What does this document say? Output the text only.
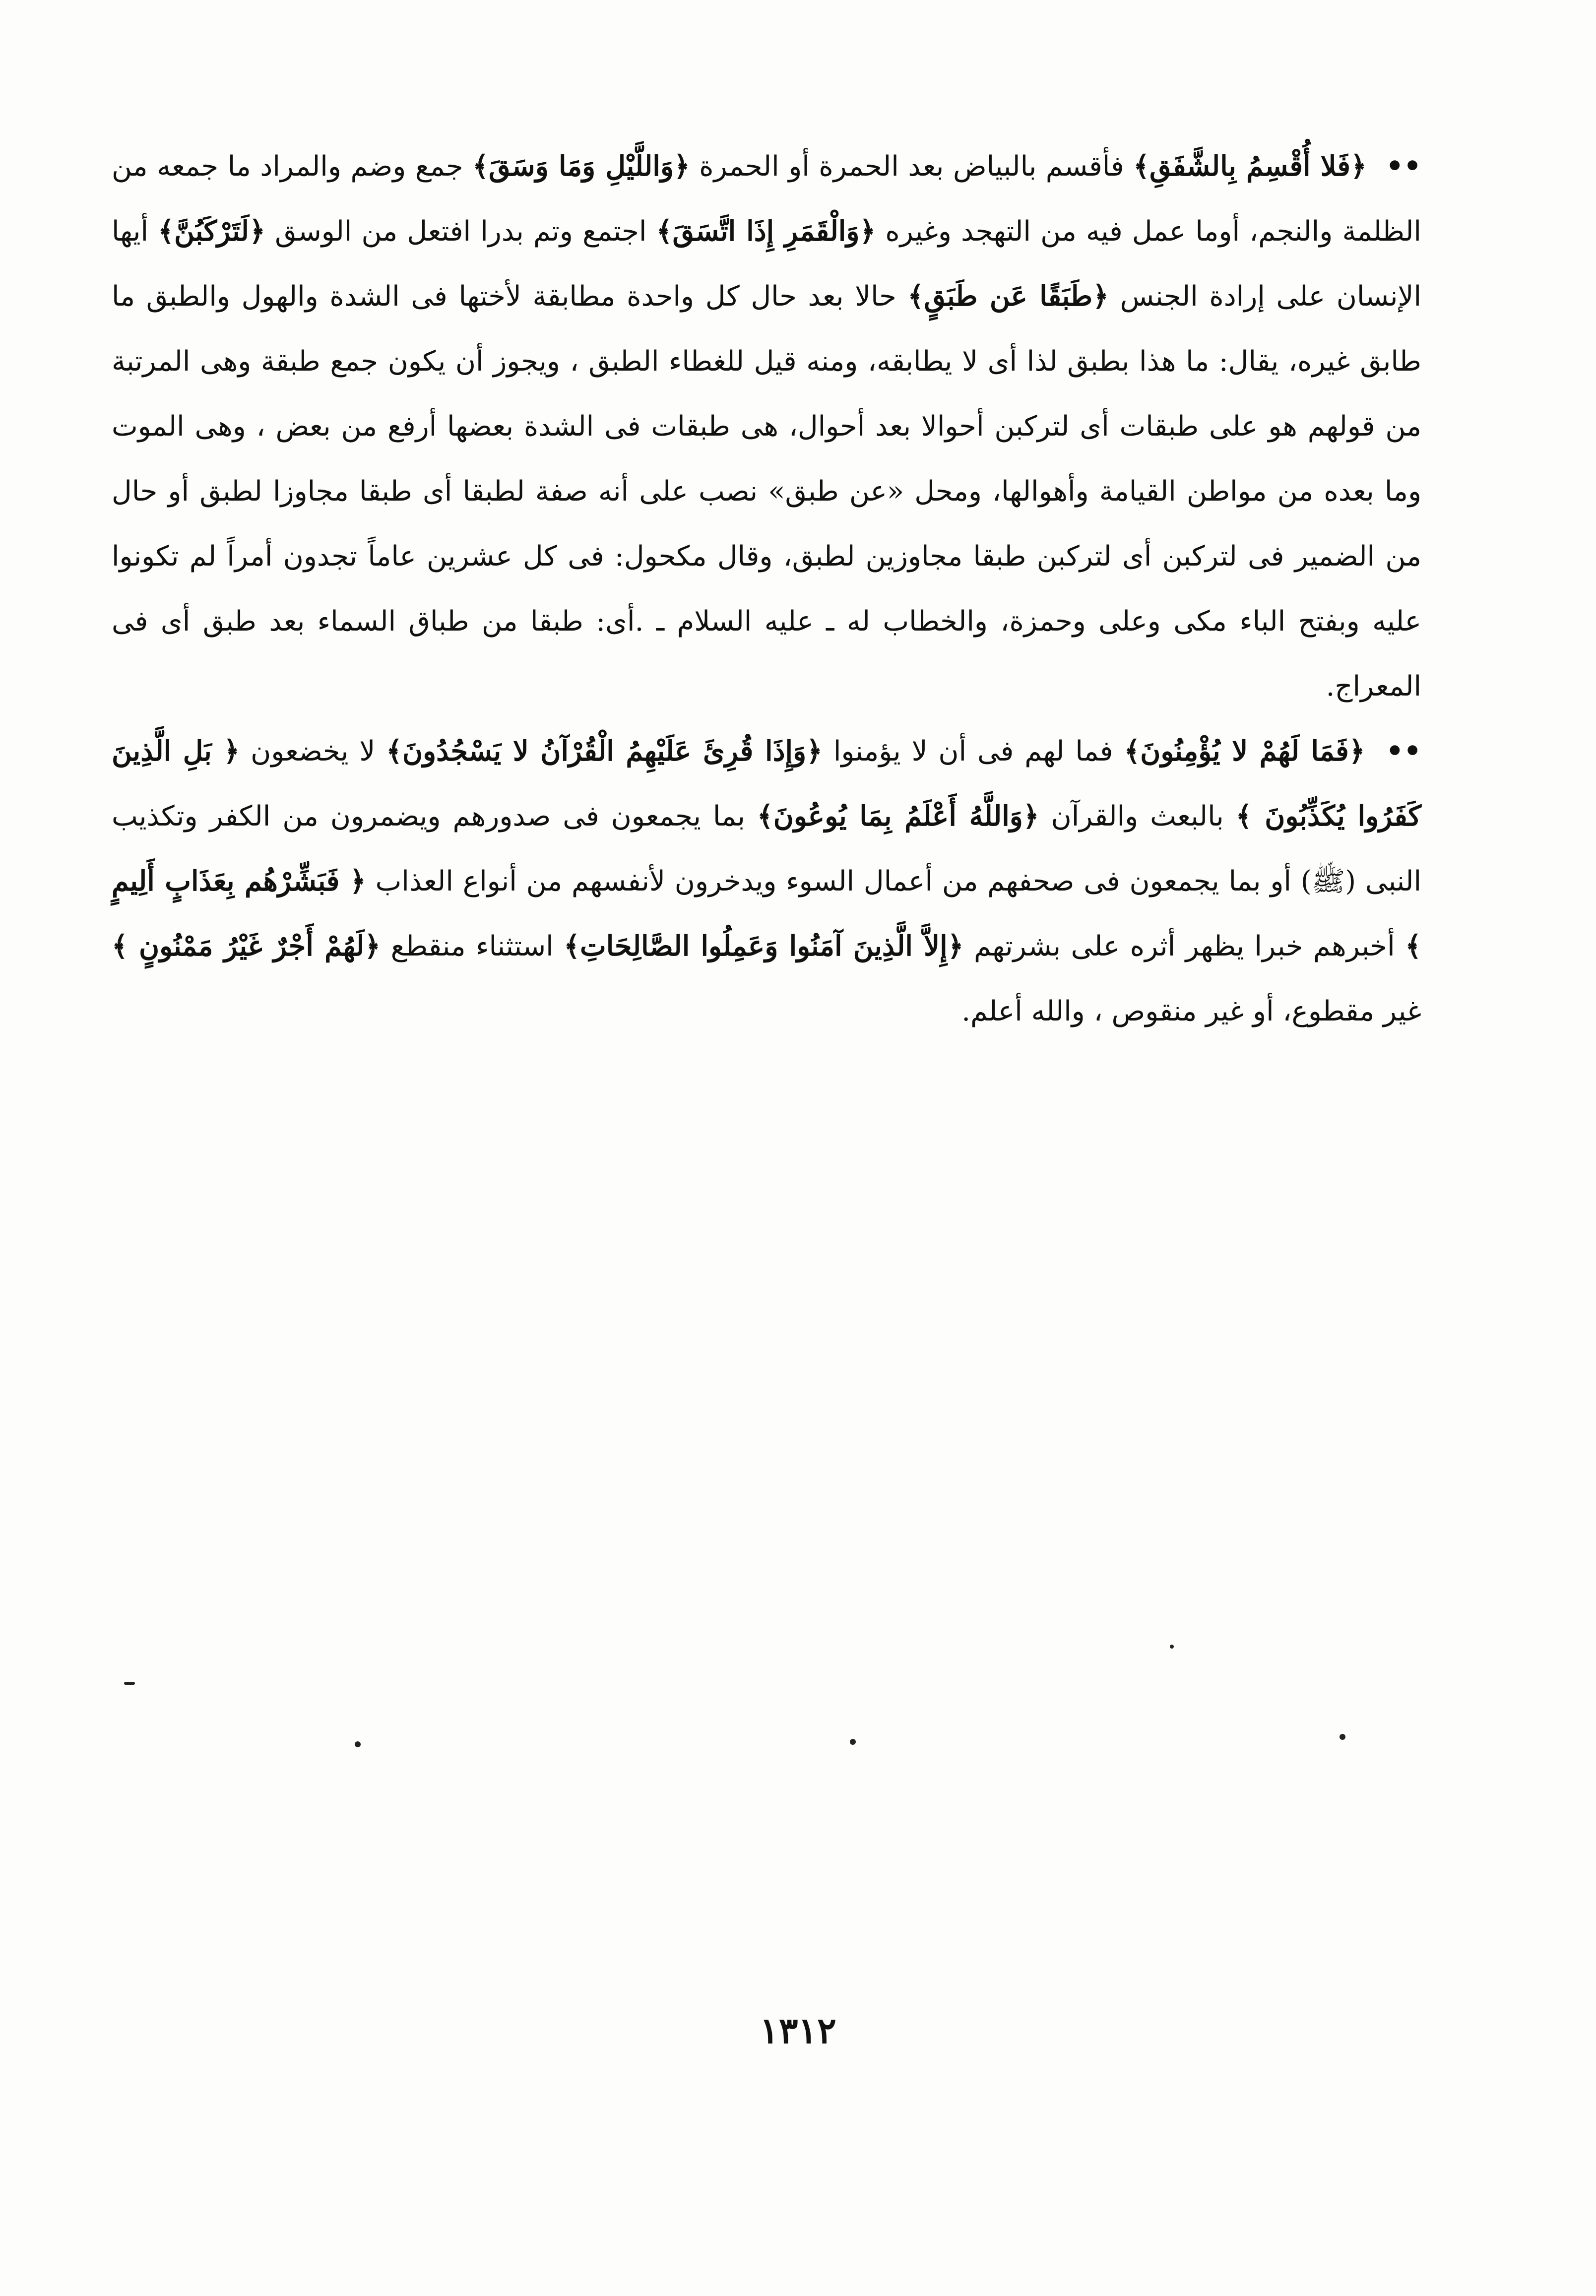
•• ﴿فَلا أُقْسِمُ بِالشَّفَقِ﴾ فأقسم بالبياض بعد الحمرة أو الحمرة ﴿وَاللَّيْلِ وَمَا وَسَقَ﴾ جمع وضم والمراد ما جمعه من الظلمة والنجم، أوما عمل فيه من التهجد وغيره ﴿وَالْقَمَرِ إِذَا اتَّسَقَ﴾ اجتمع وتم بدرا افتعل من الوسق ﴿لَتَرْكَبُنَّ﴾ أيها الإنسان على إرادة الجنس ﴿طَبَقًا عَن طَبَقٍ﴾ حالا بعد حال كل واحدة مطابقة لأختها فى الشدة والهول والطبق ما طابق غيره، يقال: ما هذا بطبق لذا أى لا يطابقه، ومنه قيل للغطاء الطبق ، ويجوز أن يكون جمع طبقة وهى المرتبة من قولهم هو على طبقات أى لتركبن أحوالا بعد أحوال، هى طبقات فى الشدة بعضها أرفع من بعض ، وهى الموت وما بعده من مواطن القيامة وأهوالها، ومحل «عن طبق» نصب على أنه صفة لطبقا أى طبقا مجاوزا لطبق أو حال من الضمير فى لتركبن أى لتركبن طبقا مجاوزين لطبق، وقال مكحول: فى كل عشرين عاماً تجدون أمراً لم تكونوا عليه وبفتح الباء مكى وعلى وحمزة، والخطاب له ـ عليه السلام ـ .أى: طبقا من طباق السماء بعد طبق أى فى المعراج.

•• ﴿فَمَا لَهُمْ لا يُؤْمِنُونَ﴾ فما لهم فى أن لا يؤمنوا ﴿وَإِذَا قُرِئَ عَلَيْهِمُ الْقُرْآنُ لا يَسْجُدُونَ﴾ لا يخضعون ﴿ بَلِ الَّذِينَ كَفَرُوا يُكَذِّبُونَ ﴾ بالبعث والقرآن ﴿وَاللَّهُ أَعْلَمُ بِمَا يُوعُونَ﴾ بما يجمعون فى صدورهم ويضمرون من الكفر وتكذيب النبى (ﷺ) أو بما يجمعون فى صحفهم من أعمال السوء ويدخرون لأنفسهم من أنواع العذاب ﴿ فَبَشِّرْهُم بِعَذَابٍ أَلِيمٍ ﴾ أخبرهم خبرا يظهر أثره على بشرتهم ﴿إِلاَّ الَّذِينَ آمَنُوا وَعَمِلُوا الصَّالِحَاتِ﴾ استثناء منقطع ﴿لَهُمْ أَجْرٌ غَيْرُ مَمْنُونٍ ﴾ غير مقطوع، أو غير منقوص ، والله أعلم.

١٣١٢
